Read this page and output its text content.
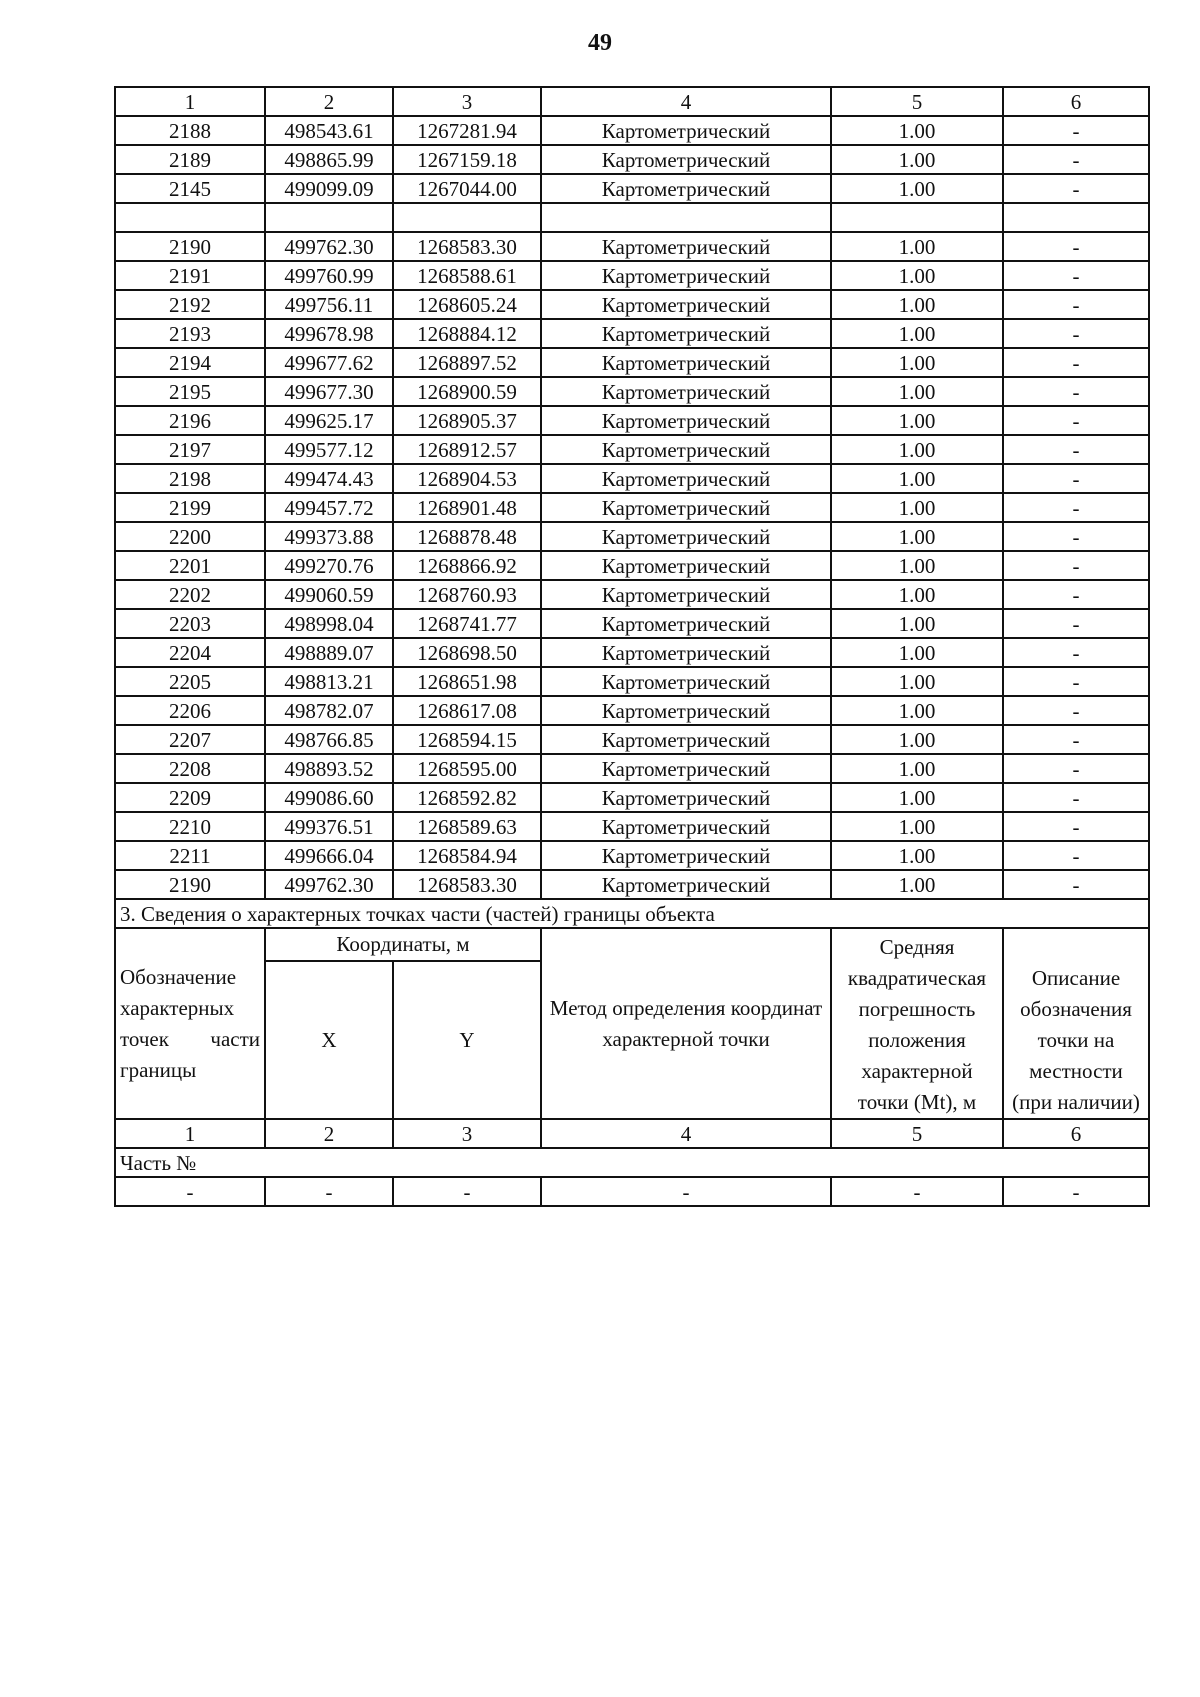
49
1	2	3	4	5	6
2188	498543.61	1267281.94	Картометрический	1.00	-
2189	498865.99	1267159.18	Картометрический	1.00	-
2145	499099.09	1267044.00	Картометрический	1.00	-

2190	499762.30	1268583.30	Картометрический	1.00	-
2191	499760.99	1268588.61	Картометрический	1.00	-
2192	499756.11	1268605.24	Картометрический	1.00	-
2193	499678.98	1268884.12	Картометрический	1.00	-
2194	499677.62	1268897.52	Картометрический	1.00	-
2195	499677.30	1268900.59	Картометрический	1.00	-
2196	499625.17	1268905.37	Картометрический	1.00	-
2197	499577.12	1268912.57	Картометрический	1.00	-
2198	499474.43	1268904.53	Картометрический	1.00	-
2199	499457.72	1268901.48	Картометрический	1.00	-
2200	499373.88	1268878.48	Картометрический	1.00	-
2201	499270.76	1268866.92	Картометрический	1.00	-
2202	499060.59	1268760.93	Картометрический	1.00	-
2203	498998.04	1268741.77	Картометрический	1.00	-
2204	498889.07	1268698.50	Картометрический	1.00	-
2205	498813.21	1268651.98	Картометрический	1.00	-
2206	498782.07	1268617.08	Картометрический	1.00	-
2207	498766.85	1268594.15	Картометрический	1.00	-
2208	498893.52	1268595.00	Картометрический	1.00	-
2209	499086.60	1268592.82	Картометрический	1.00	-
2210	499376.51	1268589.63	Картометрический	1.00	-
2211	499666.04	1268584.94	Картометрический	1.00	-
2190	499762.30	1268583.30	Картометрический	1.00	-
3. Сведения о характерных точках части (частей) границы объекта					
Обозначение характерных точек части границы	Координаты, м		Метод определения координат характерной точки	Средняя квадратическая погрешность положения характерной точки (Mt), м	Описание обозначения точки на местности (при наличии)
	X	Y			
1	2	3	4	5	6
Часть №					
-	-	-	-	-	-
